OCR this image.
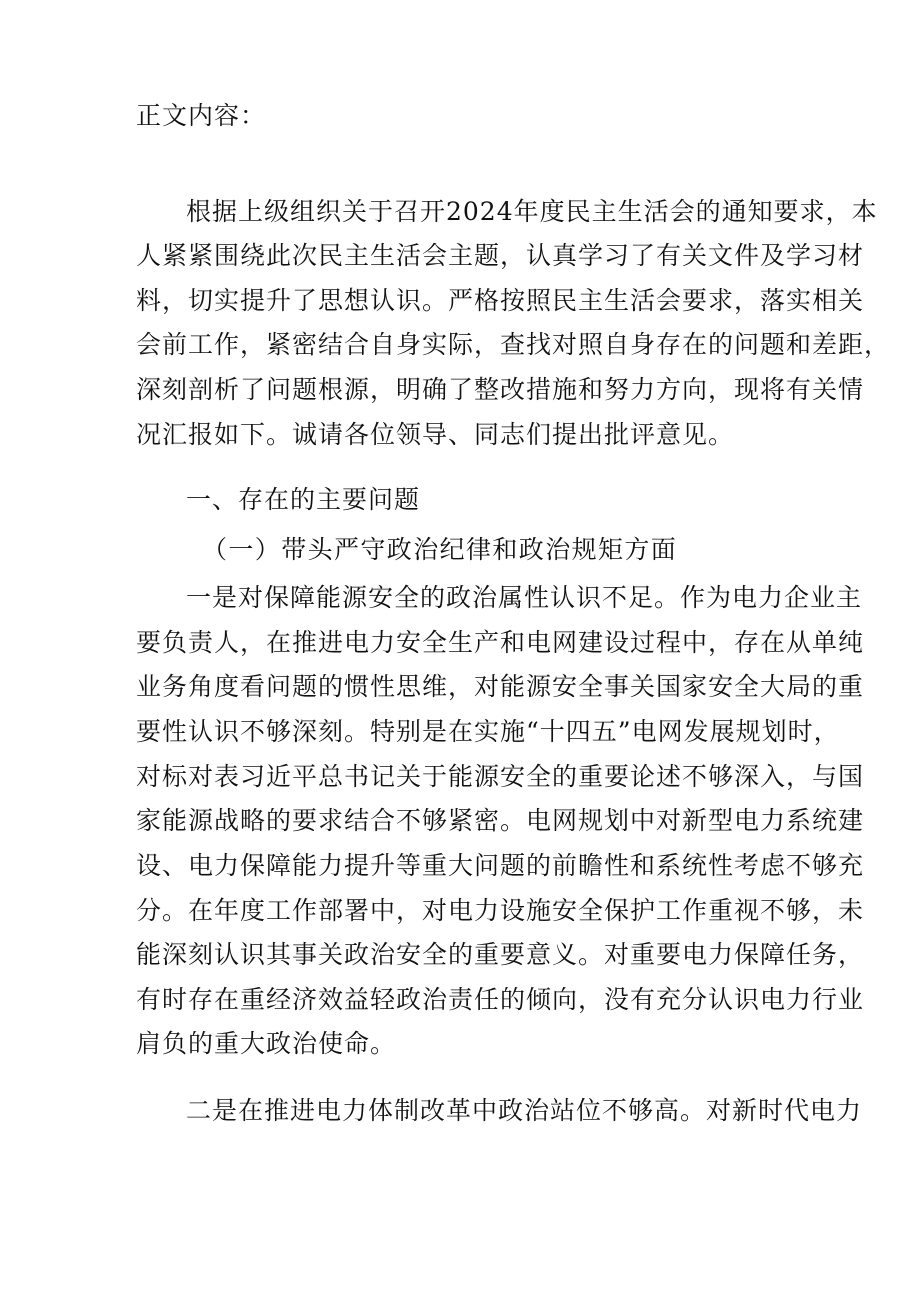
正文内容：

根据上级组织关于召开2024年度民主生活会的通知要求，本

人紧紧围绕此次民主生活会主题，认真学习了有关文件及学习材

料，切实提升了思想认识。严格按照民主生活会要求，落实相关

会前工作，紧密结合自身实际，查找对照自身存在的问题和差距，

深刻剖析了问题根源，明确了整改措施和努力方向，现将有关情

况汇报如下。诚请各位领导、同志们提出批评意见。

一、存在的主要问题

（一）带头严守政治纪律和政治规矩方面

一是对保障能源安全的政治属性认识不足。作为电力企业主

要负责人，在推进电力安全生产和电网建设过程中，存在从单纯

业务角度看问题的惯性思维，对能源安全事关国家安全大局的重

要性认识不够深刻。特别是在实施“十四五”电网发展规划时，

对标对表习近平总书记关于能源安全的重要论述不够深入，与国

家能源战略的要求结合不够紧密。电网规划中对新型电力系统建

设、电力保障能力提升等重大问题的前瞻性和系统性考虑不够充

分。在年度工作部署中，对电力设施安全保护工作重视不够，未

能深刻认识其事关政治安全的重要意义。对重要电力保障任务，

有时存在重经济效益轻政治责任的倾向，没有充分认识电力行业

肩负的重大政治使命。

二是在推进电力体制改革中政治站位不够高。对新时代电力
